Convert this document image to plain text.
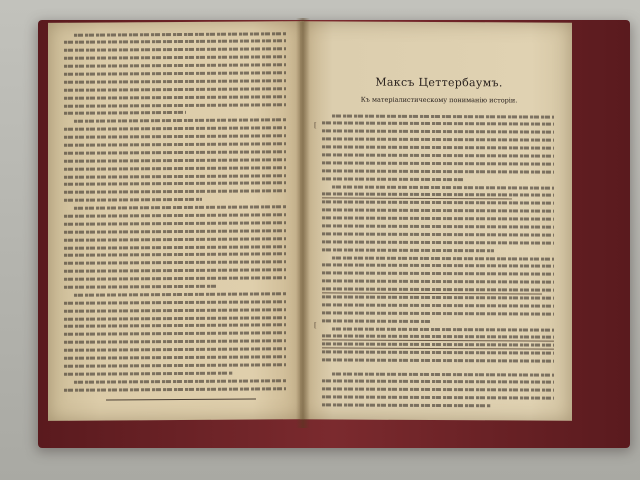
Максъ Цеттербаумъ.
Къ матеріалистическому пониманію исторіи.
[
[
